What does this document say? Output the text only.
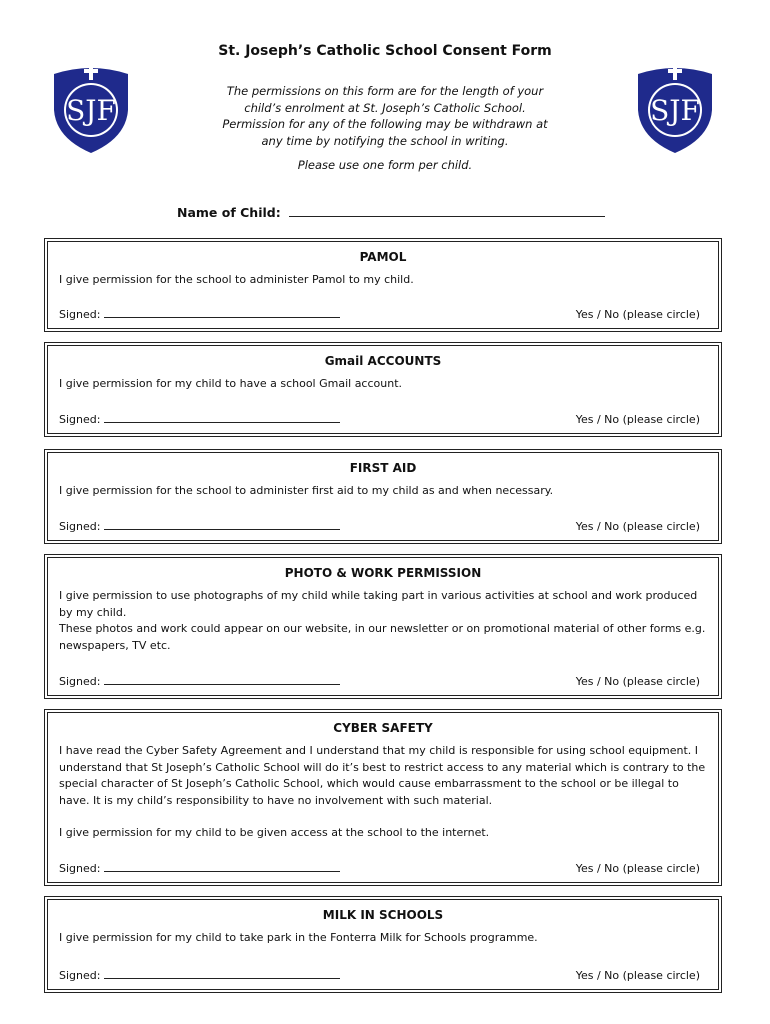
SJF	SJF
St. Joseph’s Catholic School Consent Form

The permissions on this form are for the length of your

child’s enrolment at St. Joseph’s Catholic School.

Permission for any of the following may be withdrawn at

any time by notifying the school in writing.

Please use one form per child.

Name of Child:
PAMOL

I give permission for the school to administer Pamol to my child.

Signed:	Yes / No (please circle)
Gmail ACCOUNTS

I give permission for my child to have a school Gmail account.

Signed:	Yes / No (please circle)
FIRST AID

I give permission for the school to administer first aid to my child as and when necessary.

Signed:	Yes / No (please circle)
PHOTO & WORK PERMISSION

I give permission to use photographs of my child while taking part in various activities at school and work produced by my child.

These photos and work could appear on our website, in our newsletter or on promotional material of other forms e.g. newspapers, TV etc.

Signed:	Yes / No (please circle)
CYBER SAFETY

I have read the Cyber Safety Agreement and I understand that my child is responsible for using school equipment. I understand that St Joseph’s Catholic School will do it’s best to restrict access to any material which is contrary to the special character of St Joseph’s Catholic School, which would cause embarrassment to the school or be illegal to have. It is my child’s responsibility to have no involvement with such material.

I give permission for my child to be given access at the school to the internet.

Signed:	Yes / No (please circle)
MILK IN SCHOOLS

I give permission for my child to take park in the Fonterra Milk for Schools programme.

Signed:	Yes / No (please circle)
